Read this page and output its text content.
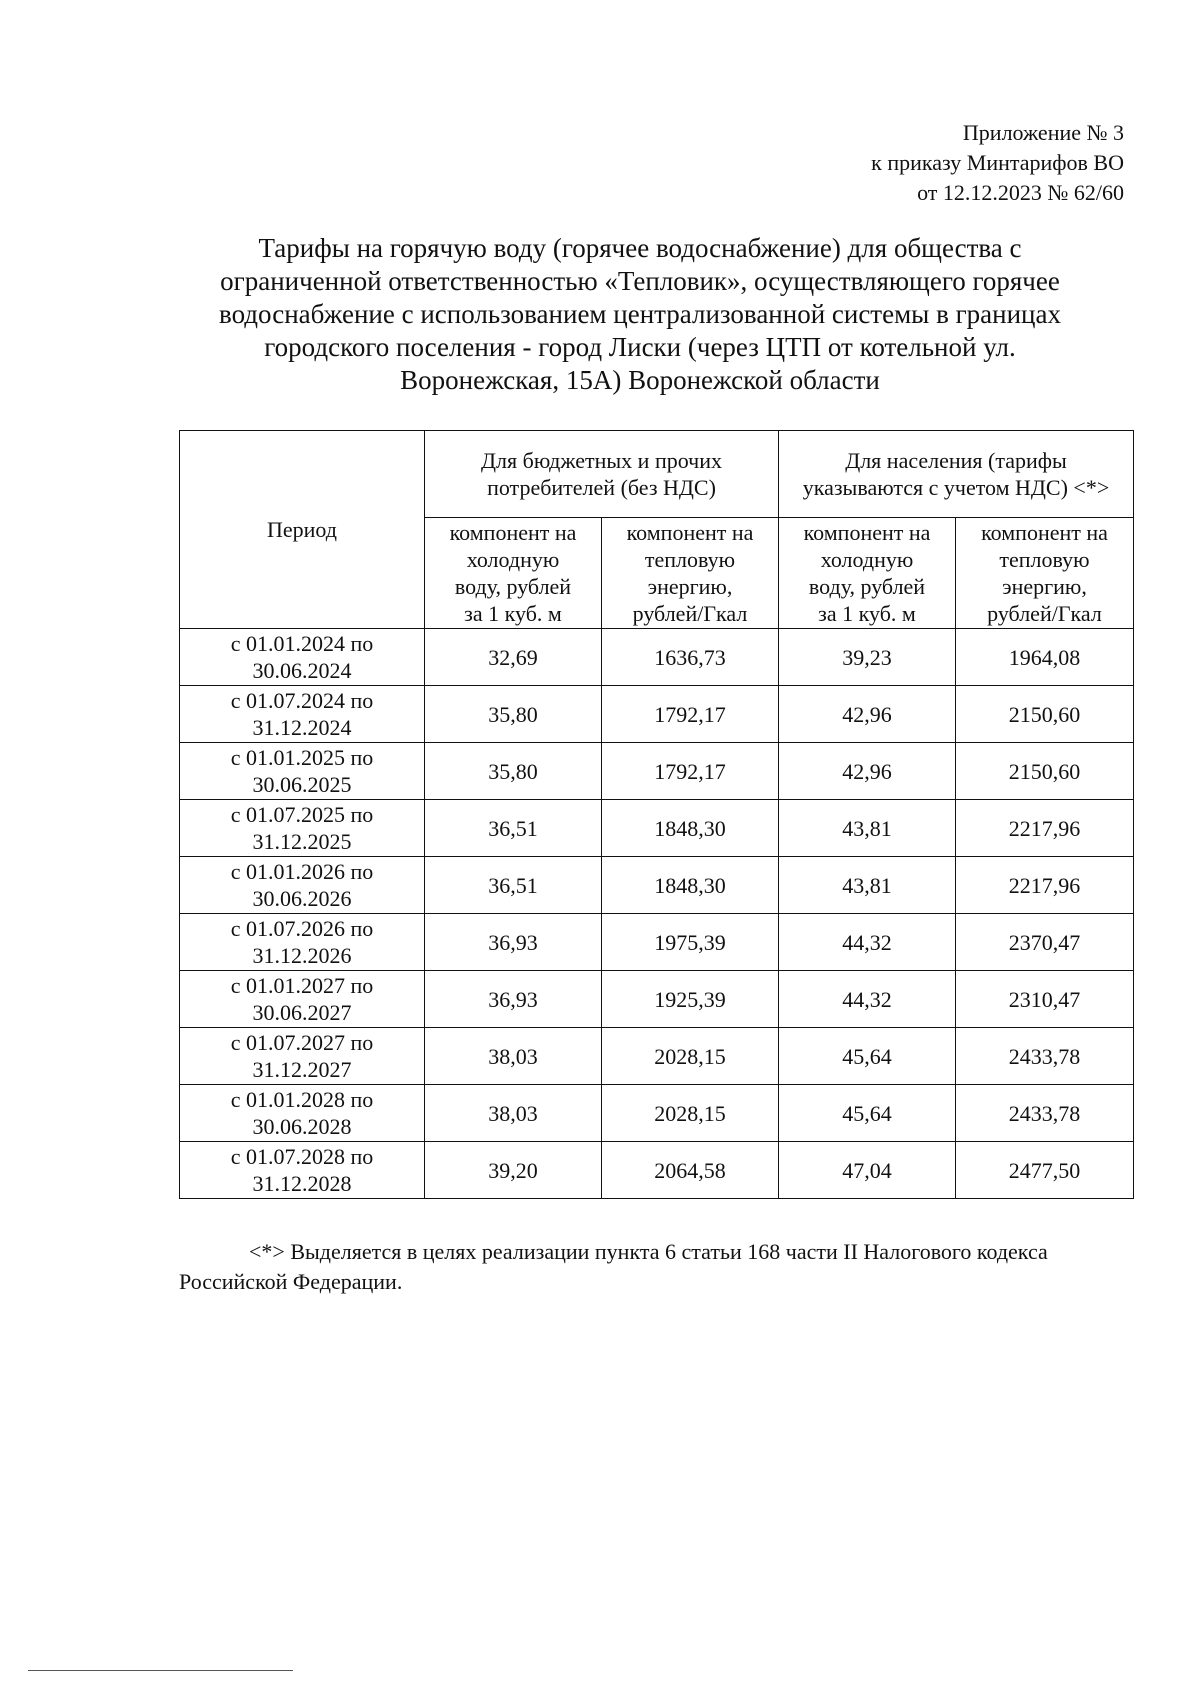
Приложение № 3
к приказу Минтарифов ВО
от 12.12.2023 № 62/60
Тарифы на горячую воду (горячее водоснабжение) для общества с
ограниченной ответственностью «Тепловик», осуществляющего горячее
водоснабжение с использованием централизованной системы в границах
городского поселения - город Лиски (через ЦТП от котельной ул.
Воронежская, 15А) Воронежской области
Период	Для бюджетных и прочих потребителей (без НДС)		Для населения (тарифы указываются с учетом НДС) <*>	

	компонент на
холодную
воду, рублей
за 1 куб. м	компонент на
тепловую
энергию,
рублей/Гкал	компонент на
холодную
воду, рублей
за 1 куб. м	компонент на
тепловую
энергию,
рублей/Гкал

с 01.01.2024 по
30.06.2024	32,69	1636,73	39,23	1964,08

с 01.07.2024 по
31.12.2024	35,80	1792,17	42,96	2150,60

с 01.01.2025 по
30.06.2025	35,80	1792,17	42,96	2150,60

с 01.07.2025 по
31.12.2025	36,51	1848,30	43,81	2217,96

с 01.01.2026 по
30.06.2026	36,51	1848,30	43,81	2217,96

с 01.07.2026 по
31.12.2026	36,93	1975,39	44,32	2370,47

с 01.01.2027 по
30.06.2027	36,93	1925,39	44,32	2310,47

с 01.07.2027 по
31.12.2027	38,03	2028,15	45,64	2433,78

с 01.01.2028 по
30.06.2028	38,03	2028,15	45,64	2433,78

с 01.07.2028 по
31.12.2028	39,20	2064,58	47,04	2477,50
<*> Выделяется в целях реализации пункта 6 статьи 168 части II Налогового кодекса Российской Федерации.
